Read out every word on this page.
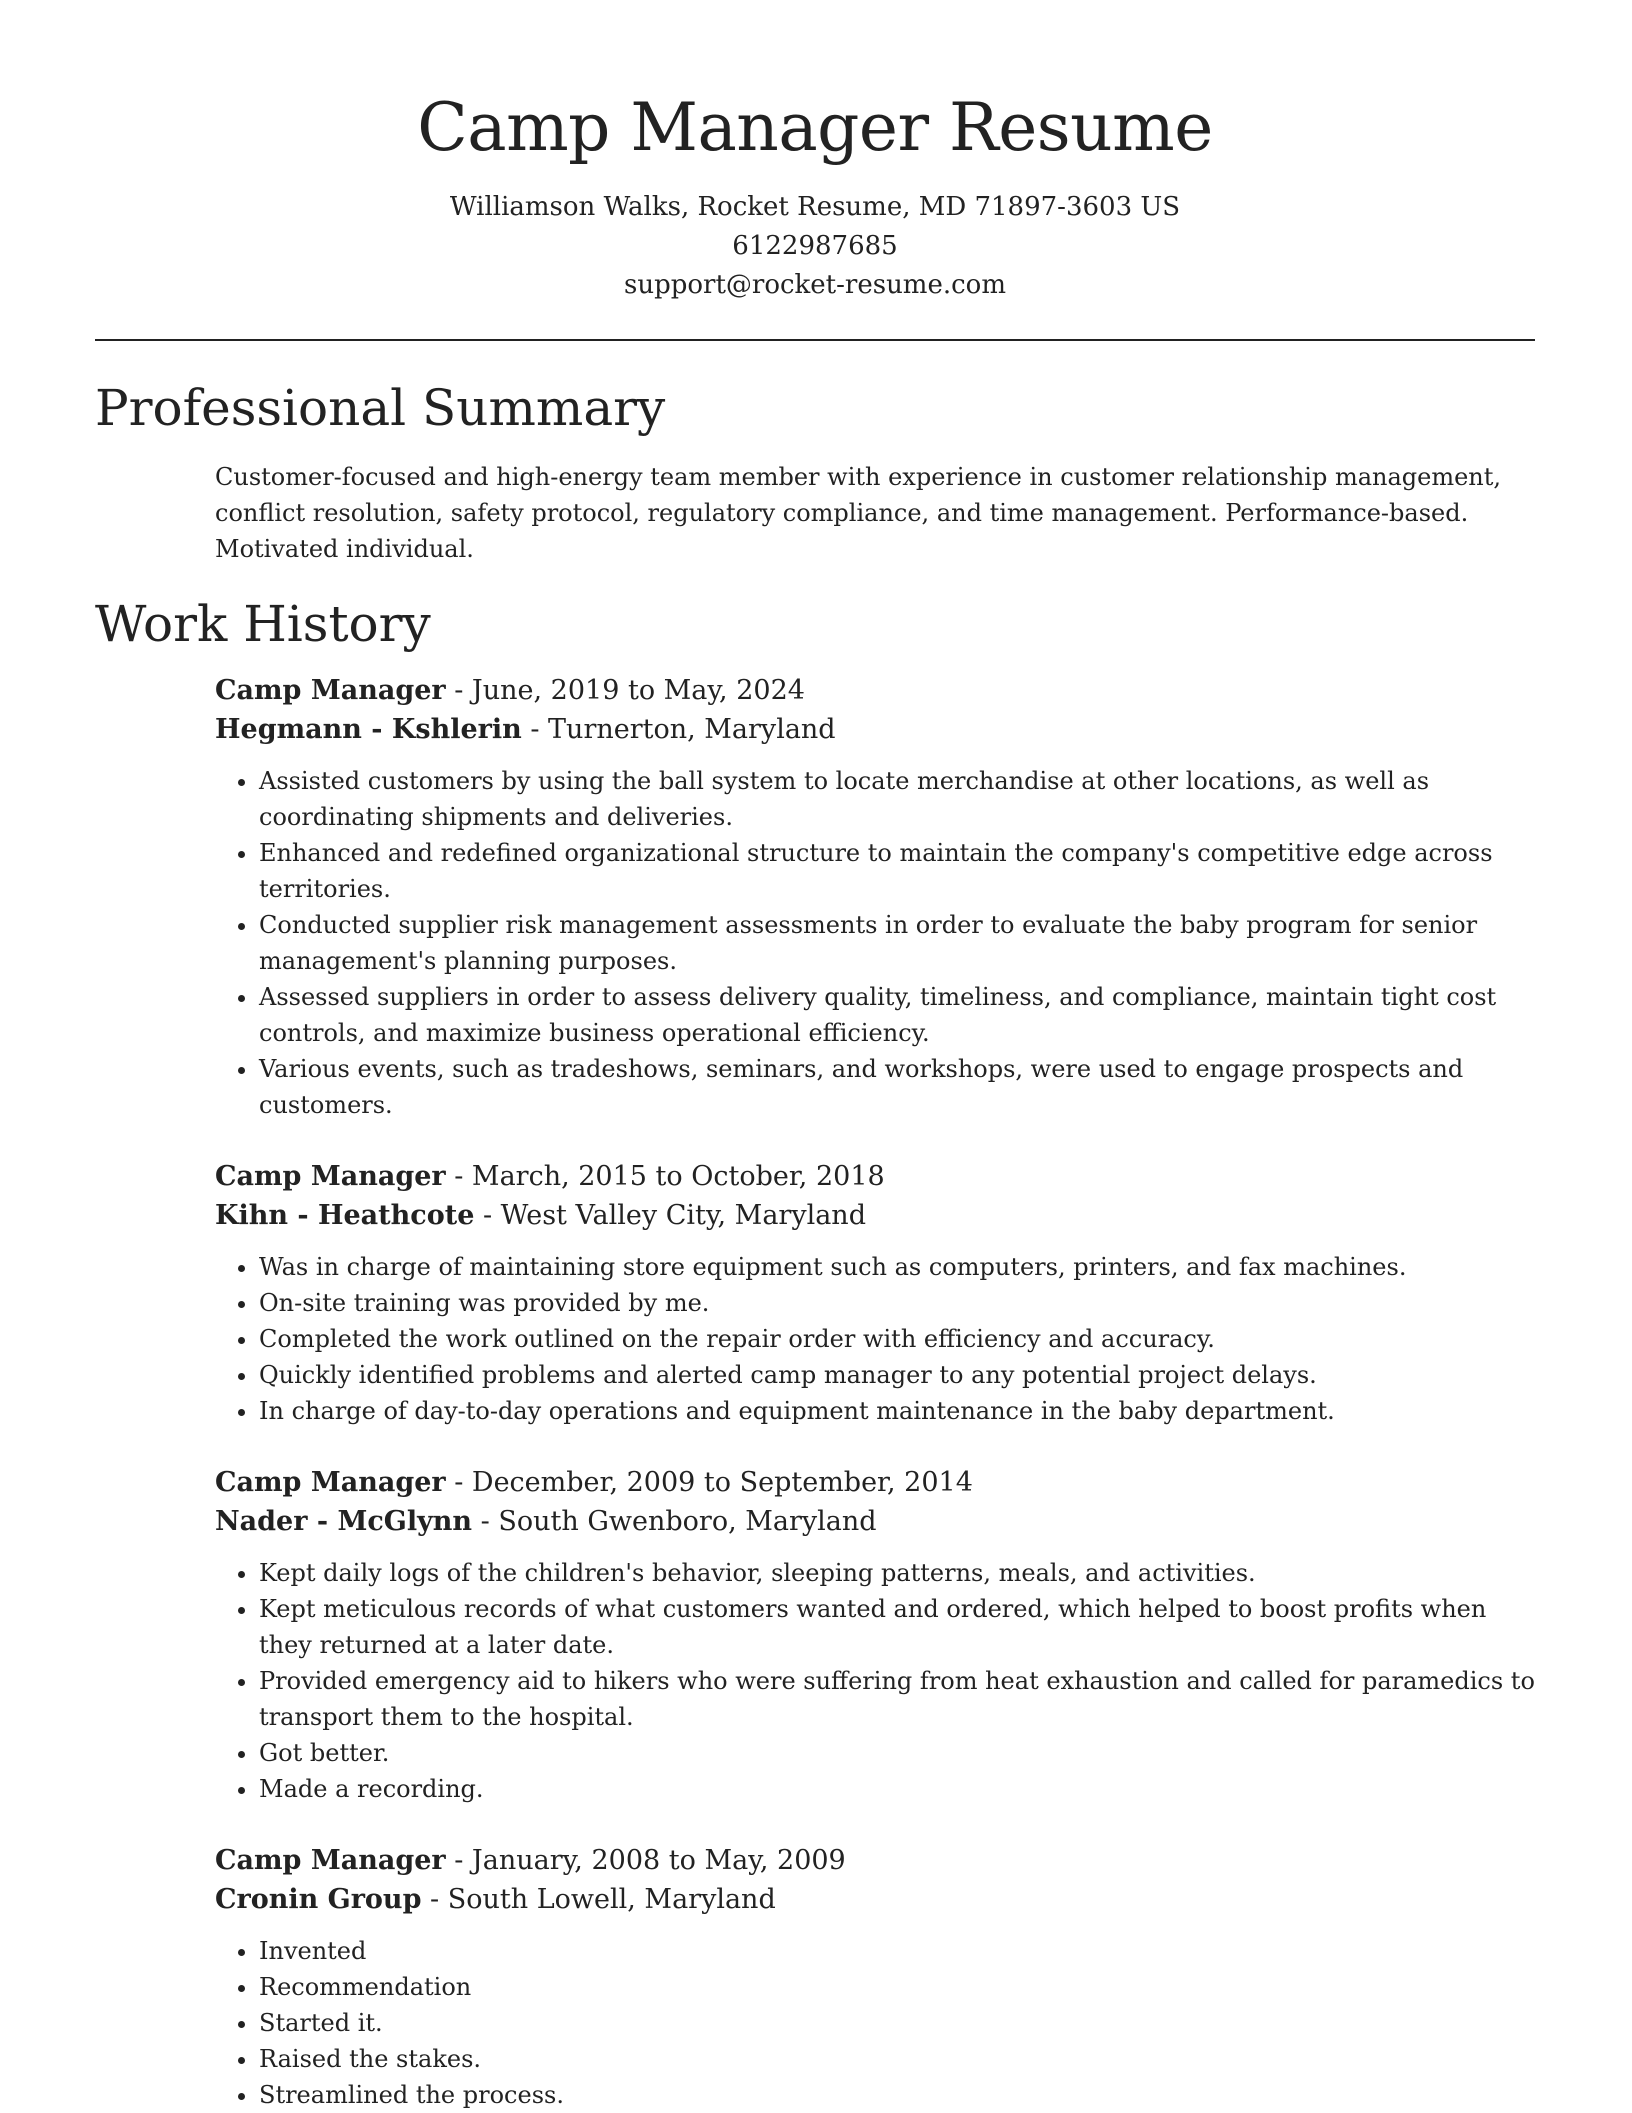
Camp Manager Resume
Williamson Walks, Rocket Resume, MD 71897-3603 US
6122987685
support@rocket-resume.com
Professional Summary

Customer-focused and high-energy team member with experience in customer relationship management, conflict resolution, safety protocol, regulatory compliance, and time management. Performance-based. Motivated individual.

Work History
Camp Manager - June, 2019 to May, 2024
Hegmann - Kshlerin - Turnerton, Maryland
• Assisted customers by using the ball system to locate merchandise at other locations, as well as coordinating shipments and deliveries.
• Enhanced and redefined organizational structure to maintain the company's competitive edge across territories.
• Conducted supplier risk management assessments in order to evaluate the baby program for senior management's planning purposes.
• Assessed suppliers in order to assess delivery quality, timeliness, and compliance, maintain tight cost controls, and maximize business operational efficiency.
• Various events, such as tradeshows, seminars, and workshops, were used to engage prospects and customers.
Camp Manager - March, 2015 to October, 2018
Kihn - Heathcote - West Valley City, Maryland
• Was in charge of maintaining store equipment such as computers, printers, and fax machines.
• On-site training was provided by me.
• Completed the work outlined on the repair order with efficiency and accuracy.
• Quickly identified problems and alerted camp manager to any potential project delays.
• In charge of day-to-day operations and equipment maintenance in the baby department.
Camp Manager - December, 2009 to September, 2014
Nader - McGlynn - South Gwenboro, Maryland
• Kept daily logs of the children's behavior, sleeping patterns, meals, and activities.
• Kept meticulous records of what customers wanted and ordered, which helped to boost profits when they returned at a later date.
• Provided emergency aid to hikers who were suffering from heat exhaustion and called for paramedics to transport them to the hospital.
• Got better.
• Made a recording.
Camp Manager - January, 2008 to May, 2009
Cronin Group - South Lowell, Maryland
• Invented
• Recommendation
• Started it.
• Raised the stakes.
• Streamlined the process.
